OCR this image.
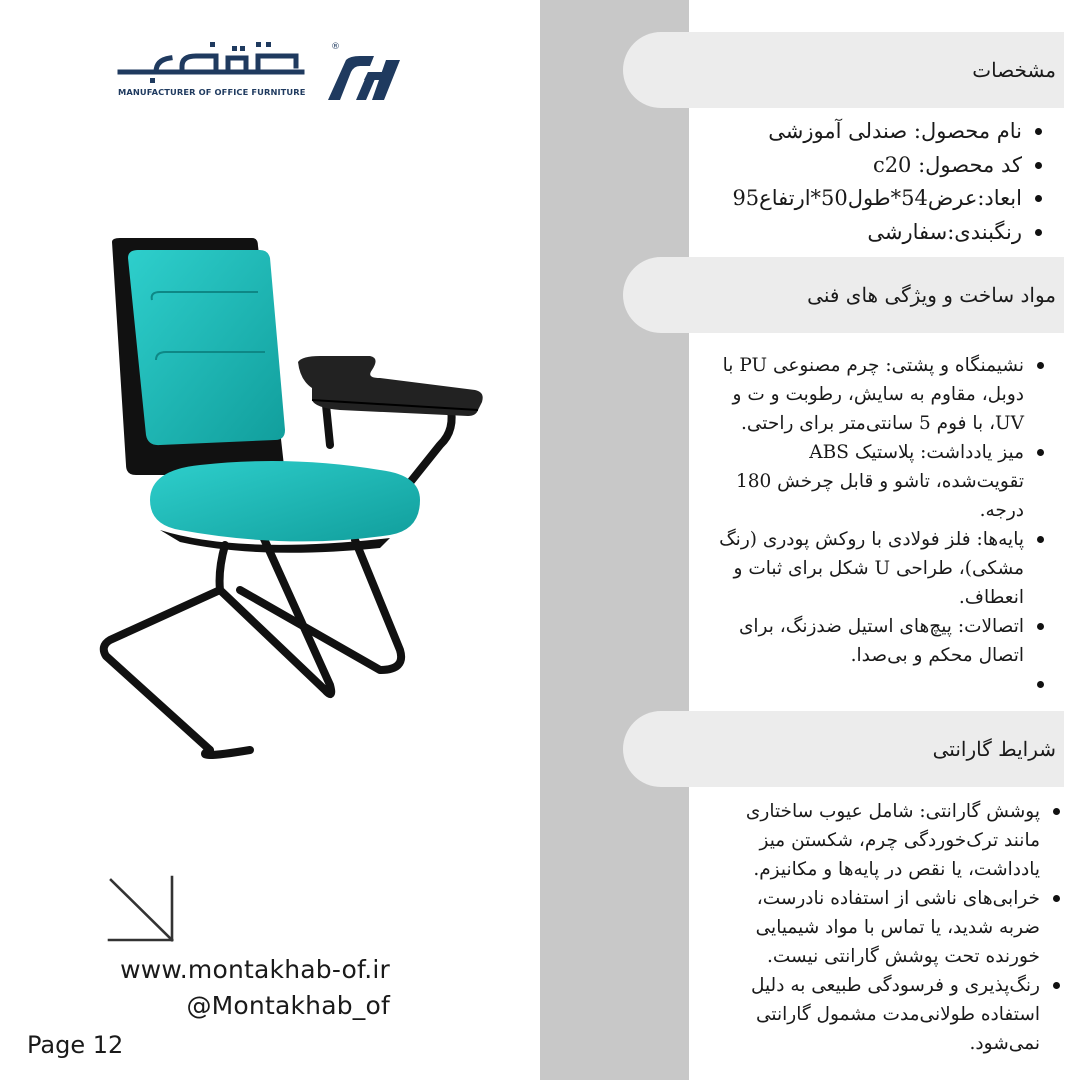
MANUFACTURER OF OFFICE FURNITURE
®
www.montakhab-of.ir
@Montakhab_of
Page 12
مشخصات
نام محصول: صندلی آموزشی
کد محصول: c20
ابعاد:عرض54*طول50*ارتفاع95
رنگبندی:سفارشی
مواد ساخت و ویژگی های فنی
نشیمنگاه و پشتی: چرم مصنوعی PU با دوبل، مقاوم به سایش، رطوبت و ت و UV، با فوم 5 سانتی‌متر برای راحتی.
میز یادداشت: پلاستیک ABS تقویت‌شده، تاشو و قابل چرخش 180 درجه.
پایه‌ها: فلز فولادی با روکش پودری (رنگ مشکی)، طراحی U شکل برای ثبات و انعطاف.
اتصالات: پیچ‌های استیل ضدزنگ، برای اتصال محکم و بی‌صدا.
شرایط گارانتی
پوشش گارانتی: شامل عیوب ساختاری مانند ترک‌خوردگی چرم، شکستن میز یادداشت، یا نقص در پایه‌ها و مکانیزم.
خرابی‌های ناشی از استفاده نادرست، ضربه شدید، یا تماس با مواد شیمیایی خورنده تحت پوشش گارانتی نیست.
رنگ‌پذیری و فرسودگی طبیعی به دلیل استفاده طولانی‌مدت مشمول گارانتی نمی‌شود.
